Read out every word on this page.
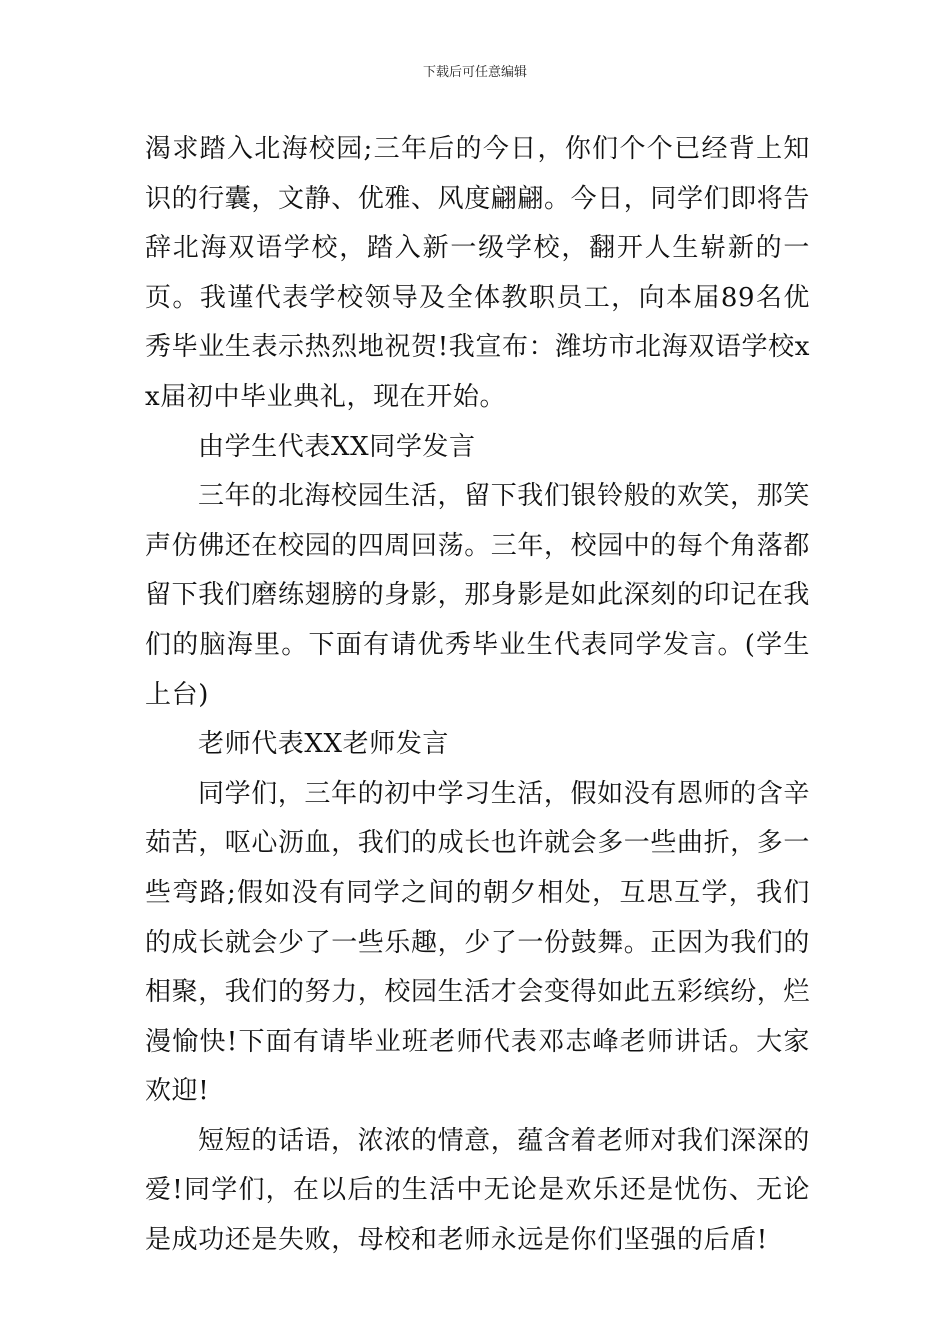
下载后可任意编辑

渴求踏入北海校园;三年后的今日，你们个个已经背上知识的行囊，文静、优雅、风度翩翩。今日，同学们即将告辞北海双语学校，踏入新一级学校，翻开人生崭新的一页。我谨代表学校领导及全体教职员工，向本届89名优秀毕业生表示热烈地祝贺!我宣布：潍坊市北海双语学校xx届初中毕业典礼，现在开始。

由学生代表XX同学发言

三年的北海校园生活，留下我们银铃般的欢笑，那笑声仿佛还在校园的四周回荡。三年，校园中的每个角落都留下我们磨练翅膀的身影，那身影是如此深刻的印记在我们的脑海里。下面有请优秀毕业生代表同学发言。(学生上台)

老师代表XX老师发言

同学们，三年的初中学习生活，假如没有恩师的含辛茹苦，呕心沥血，我们的成长也许就会多一些曲折，多一些弯路;假如没有同学之间的朝夕相处，互思互学，我们的成长就会少了一些乐趣，少了一份鼓舞。正因为我们的相聚，我们的努力，校园生活才会变得如此五彩缤纷，烂漫愉快!下面有请毕业班老师代表邓志峰老师讲话。大家欢迎!

短短的话语，浓浓的情意，蕴含着老师对我们深深的爱!同学们，在以后的生活中无论是欢乐还是忧伤、无论是成功还是失败，母校和老师永远是你们坚强的后盾!
